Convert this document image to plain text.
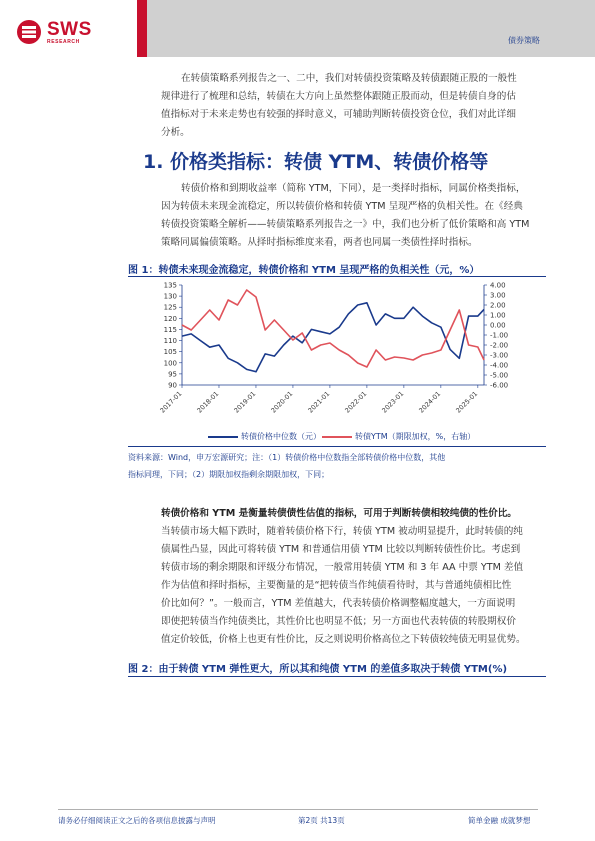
SWS
RESEARCH	债券策略
在转债策略系列报告之一、二中，我们对转债投资策略及转债跟随正股的一般性
规律进行了梳理和总结，转债在大方向上虽然整体跟随正股而动，但是转债自身的估
值指标对于未来走势也有较强的择时意义，可辅助判断转债投资仓位，我们对此详细
分析。
1. 价格类指标：转债 YTM、转债价格等
转债价格和到期收益率（简称 YTM，下同），是一类择时指标，同属价格类指标，
因为转债未来现金流稳定，所以转债价格和转债 YTM 呈现严格的负相关性。在《经典
转债投资策略全解析——转债策略系列报告之一》中，我们也分析了低价策略和高 YTM
策略同属偏债策略。从择时指标维度来看，两者也同属一类债性择时指标。
图 1：转债未来现金流稳定，转债价格和 YTM 呈现严格的负相关性（元，%）
90
95
100
105
110
115
120
125
130
135	4.00
3.00
2.00
1.00
0.00
-1.00
-2.00
-3.00
-4.00
-5.00
-6.00
2017-01 2018-01 2019-01 2020-01 2021-01 2022-01 2023-01 2024-01 2025-01
转债价格中位数（元）	转债YTM（期限加权，%，右轴）
资料来源：Wind，申万宏源研究；注：（1）转债价格中位数指全部转债价格中位数，其他
指标同理，下同；（2）期限加权指剩余期限加权，下同；
转债价格和 YTM 是衡量转债债性估值的指标，可用于判断转债相较纯债的性价比。
当转债市场大幅下跌时，随着转债价格下行，转债 YTM 被动明显提升，此时转债的纯
债属性凸显，因此可将转债 YTM 和普通信用债 YTM 比较以判断转债性价比。考虑到
转债市场的剩余期限和评级分布情况，一般常用转债 YTM 和 3 年 AA 中票 YTM 差值
作为估值和择时指标，主要衡量的是“把转债当作纯债看待时，其与普通纯债相比性
价比如何？”。一般而言，YTM 差值越大，代表转债价格调整幅度越大，一方面说明
即使把转债当作纯债类比，其性价比也明显不低；另一方面也代表转债的转股期权价
值定价较低，价格上也更有性价比，反之则说明价格高位之下转债较纯债无明显优势。
图 2：由于转债 YTM 弹性更大，所以其和纯债 YTM 的差值多取决于转债 YTM(%)
请务必仔细阅读正文之后的各项信息披露与声明	第2页 共13页	简单金融 成就梦想
